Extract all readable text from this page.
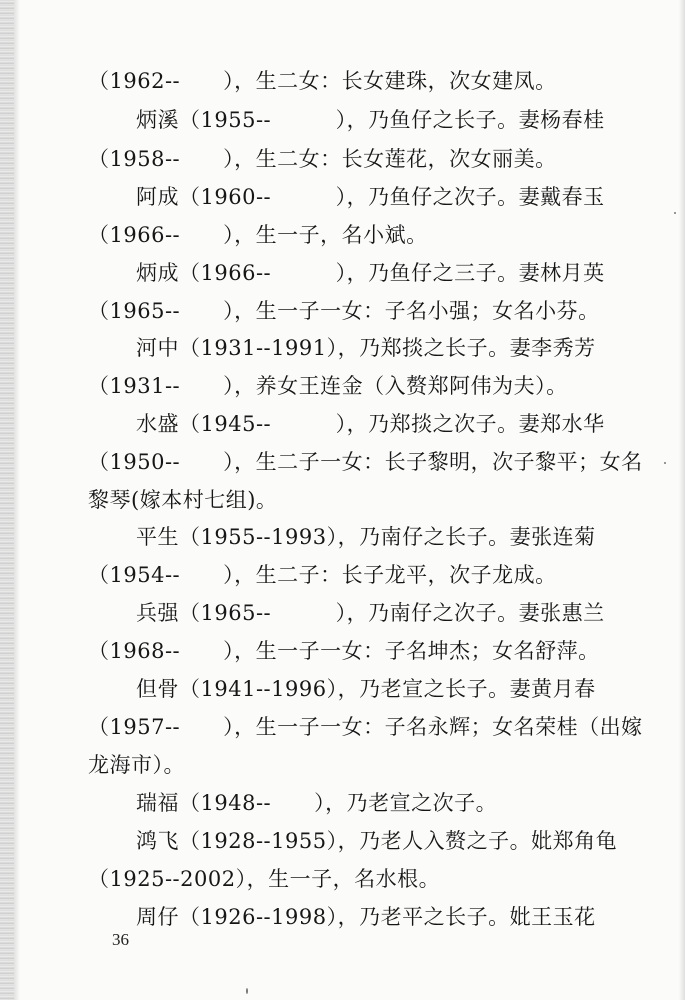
（1962--　　），生二女：长女建珠，次女建凤。
炳溪（1955--　　　），乃鱼仔之长子。妻杨春桂
（1958--　　），生二女：长女莲花，次女丽美。
阿成（1960--　　　），乃鱼仔之次子。妻戴春玉
（1966--　　），生一子，名小斌。
炳成（1966--　　　），乃鱼仔之三子。妻林月英
（1965--　　），生一子一女：子名小强；女名小芬。
河中（1931--1991），乃郑掞之长子。妻李秀芳
（1931--　　），养女王连金（入赘郑阿伟为夫）。
水盛（1945--　　　），乃郑掞之次子。妻郑水华
（1950--　　），生二子一女：长子黎明，次子黎平；女名
黎琴(嫁本村七组)。
平生（1955--1993），乃南仔之长子。妻张连菊
（1954--　　），生二子：长子龙平，次子龙成。
兵强（1965--　　　），乃南仔之次子。妻张惠兰
（1968--　　），生一子一女：子名坤杰；女名舒萍。
但骨（1941--1996），乃老宣之长子。妻黄月春
（1957--　　），生一子一女：子名永辉；女名荣桂（出嫁
龙海市）。
瑞福（1948--　　），乃老宣之次子。
鸿飞（1928--1955），乃老人入赘之子。妣郑角龟
（1925--2002），生一子，名水根。
周仔（1926--1998），乃老平之长子。妣王玉花
36
